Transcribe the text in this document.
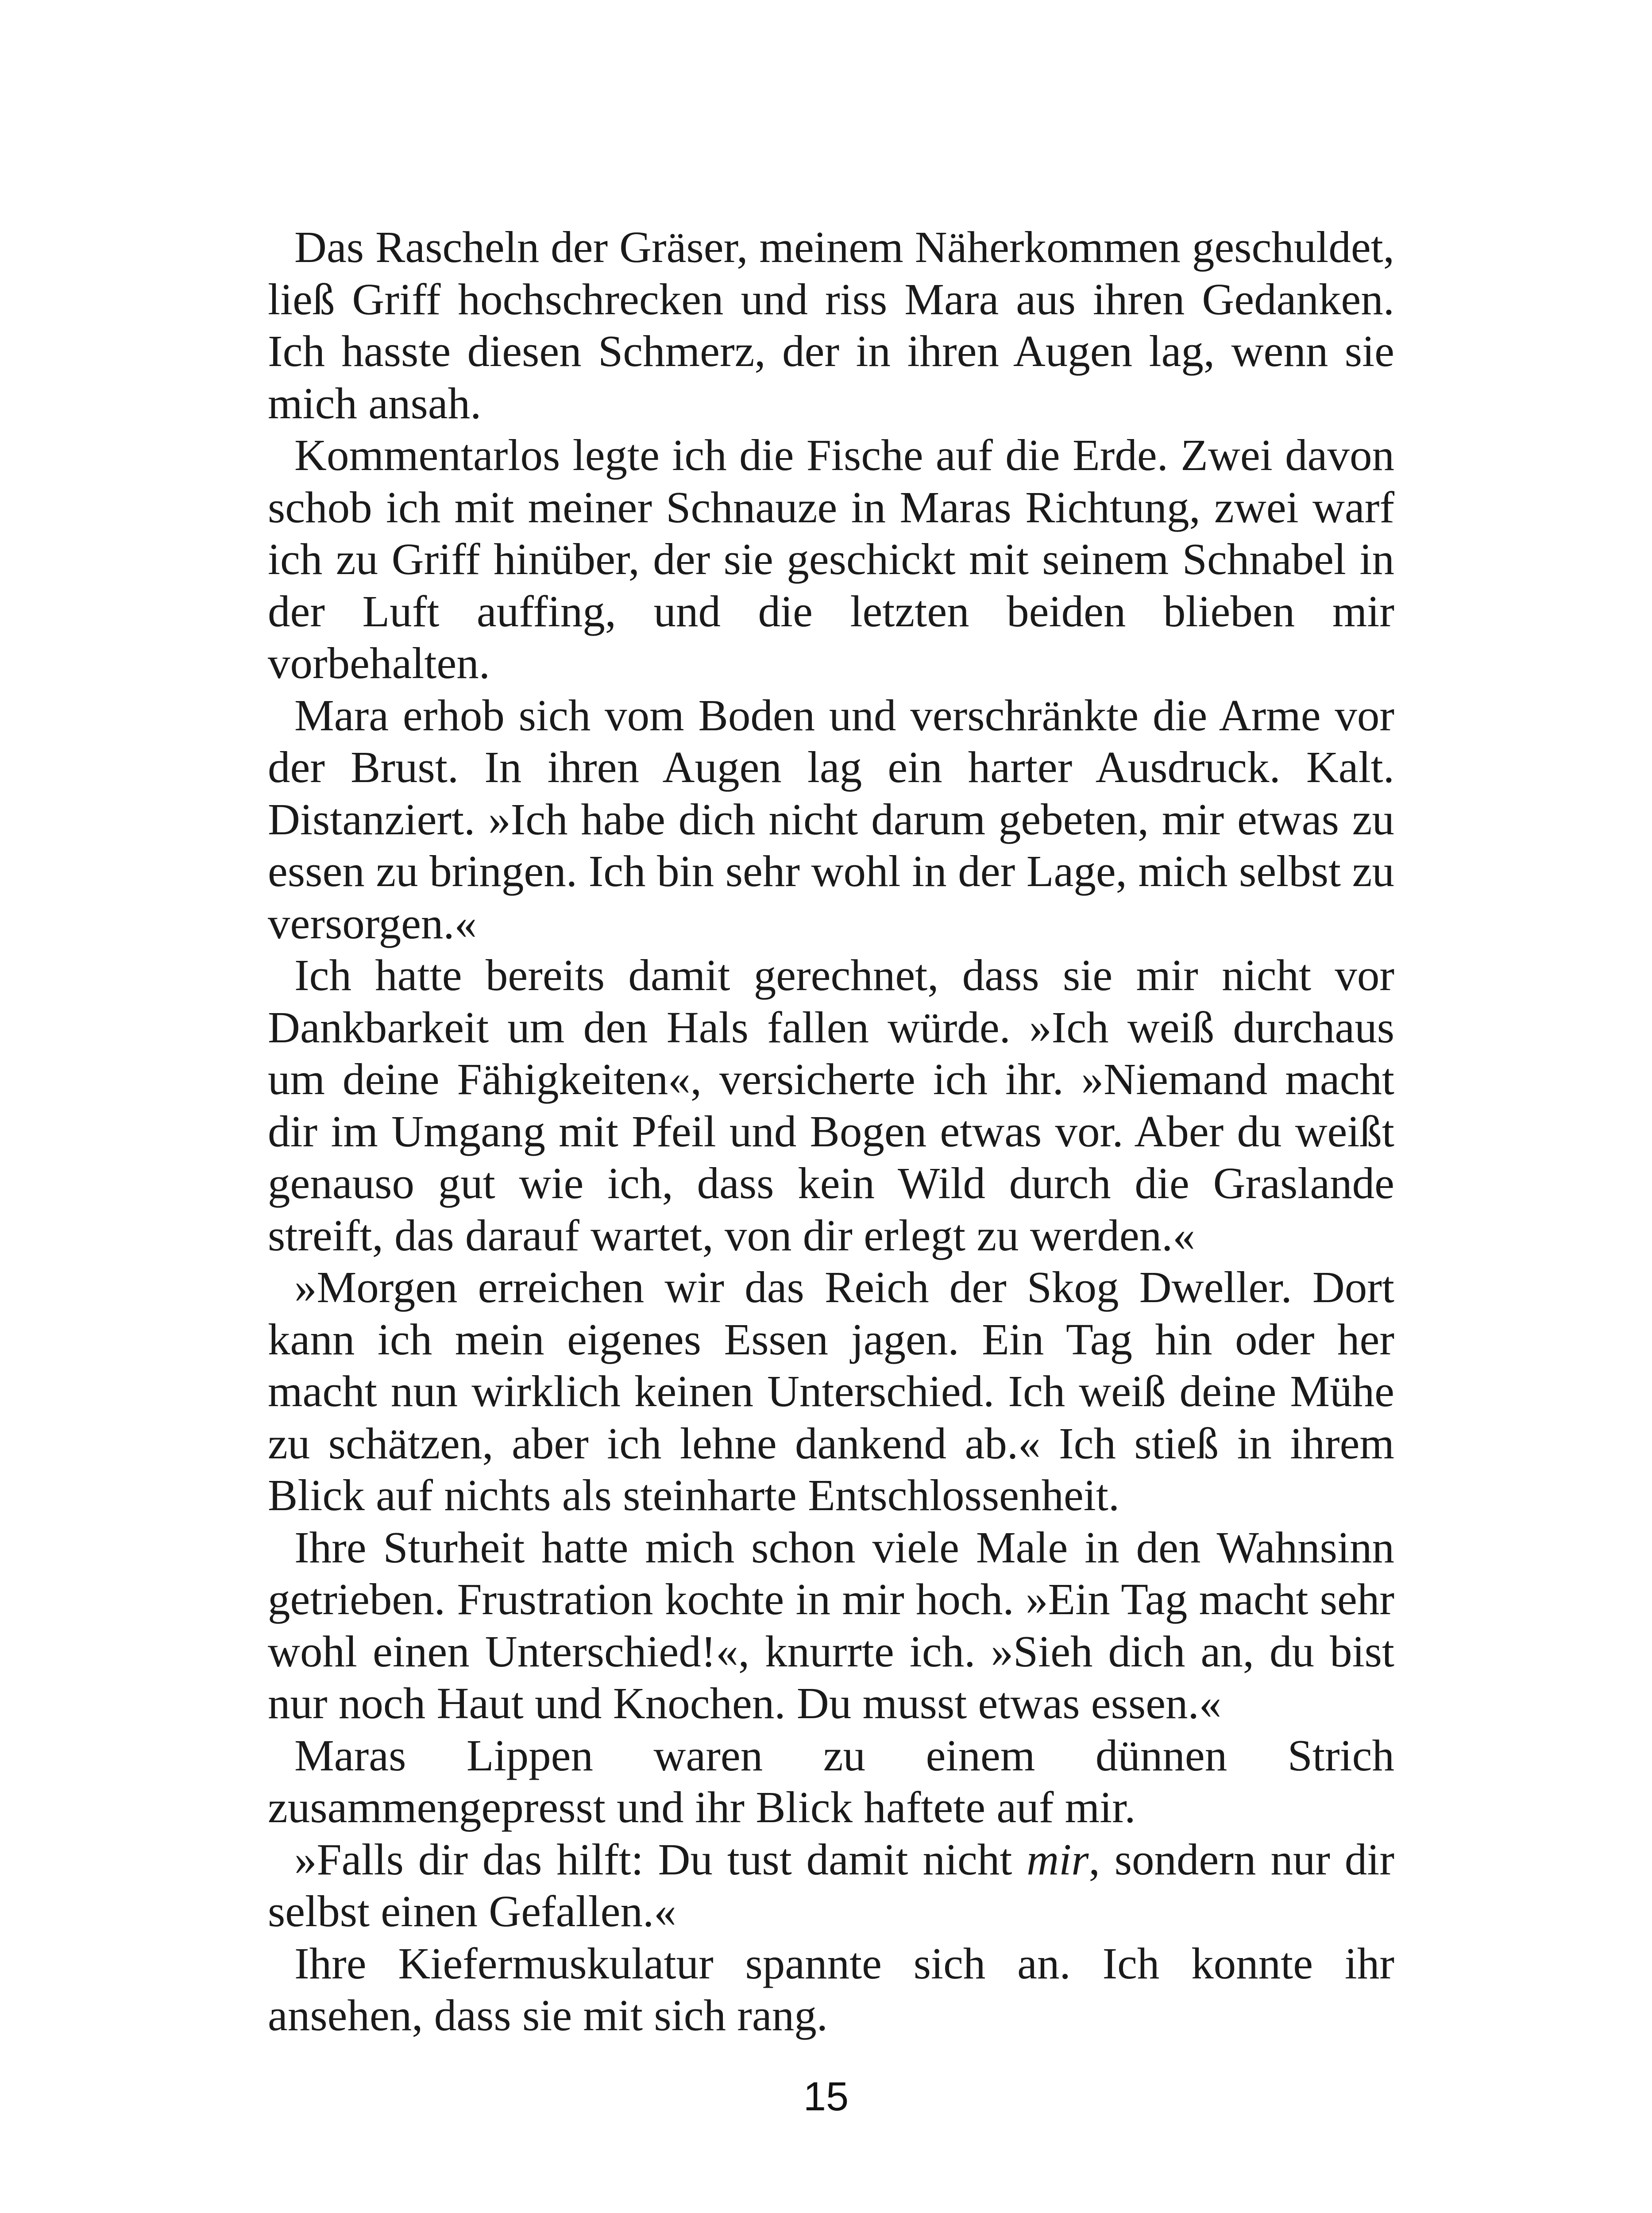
Das Rascheln der Gräser, meinem Näherkommen geschuldet, ließ Griff hochschrecken und riss Mara aus ihren Gedanken. Ich hasste diesen Schmerz, der in ihren Augen lag, wenn sie mich ansah.

Kommentarlos legte ich die Fische auf die Erde. Zwei davon schob ich mit meiner Schnauze in Maras Richtung, zwei warf ich zu Griff hinüber, der sie geschickt mit seinem Schnabel in der Luft auffing, und die letzten beiden blieben mir vorbehalten.

Mara erhob sich vom Boden und verschränkte die Arme vor der Brust. In ihren Augen lag ein harter Ausdruck. Kalt. Distanziert. »Ich habe dich nicht darum gebeten, mir etwas zu essen zu bringen. Ich bin sehr wohl in der Lage, mich selbst zu versorgen.«

Ich hatte bereits damit gerechnet, dass sie mir nicht vor Dankbarkeit um den Hals fallen würde. »Ich weiß durchaus um deine Fähigkeiten«, versicherte ich ihr. »Niemand macht dir im Umgang mit Pfeil und Bogen etwas vor. Aber du weißt genauso gut wie ich, dass kein Wild durch die Graslande streift, das darauf wartet, von dir erlegt zu werden.«

»Morgen erreichen wir das Reich der Skog Dweller. Dort kann ich mein eigenes Essen jagen. Ein Tag hin oder her macht nun wirklich keinen Unterschied. Ich weiß deine Mühe zu schätzen, aber ich lehne dankend ab.« Ich stieß in ihrem Blick auf nichts als steinharte Entschlossenheit.

Ihre Sturheit hatte mich schon viele Male in den Wahnsinn getrieben. Frustration kochte in mir hoch. »Ein Tag macht sehr wohl einen Unterschied!«, knurrte ich. »Sieh dich an, du bist nur noch Haut und Knochen. Du musst etwas essen.«

Maras Lippen waren zu einem dünnen Strich zusammengepresst und ihr Blick haftete auf mir.

»Falls dir das hilft: Du tust damit nicht mir, sondern nur dir selbst einen Gefallen.«

Ihre Kiefermuskulatur spannte sich an. Ich konnte ihr ansehen, dass sie mit sich rang.

15
